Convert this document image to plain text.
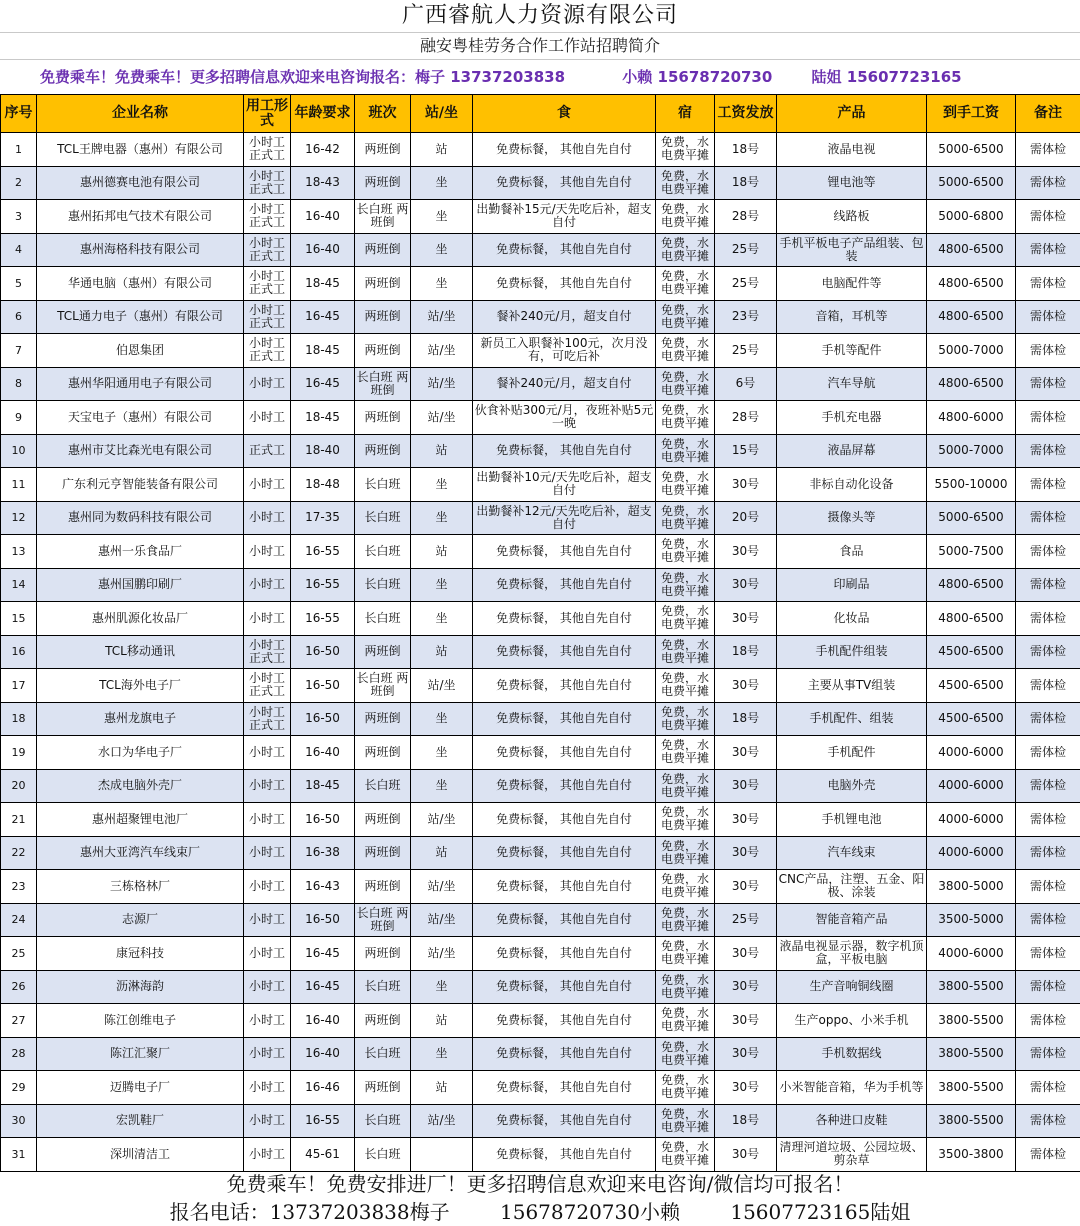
广西睿航人力资源有限公司
融安粤桂劳务合作工作站招聘简介
免费乘车！免费乘车！更多招聘信息欢迎来电咨询报名：梅子 13737203838	小赖 15678720730	陆姐 15607723165
序号	企业名称	用工形式	年龄要求	班次	站/坐	食	宿	工资发放	产品	到手工资	备注
1	TCL王牌电器（惠州）有限公司	小时工 正式工	16-42	两班倒	站	免费标餐， 其他自先自付	免费，水电费平摊	18号	液晶电视	5000-6500	需体检
2	惠州德赛电池有限公司	小时工 正式工	18-43	两班倒	坐	免费标餐， 其他自先自付	免费，水电费平摊	18号	锂电池等	5000-6500	需体检
3	惠州拓邦电气技术有限公司	小时工 正式工	16-40	长白班 两班倒	坐	出勤餐补15元/天先吃后补，超支自付	免费，水电费平摊	28号	线路板	5000-6800	需体检
4	惠州海格科技有限公司	小时工 正式工	16-40	两班倒	坐	免费标餐， 其他自先自付	免费，水电费平摊	25号	手机平板电子产品组装、包装	4800-6500	需体检
5	华通电脑（惠州）有限公司	小时工 正式工	18-45	两班倒	坐	免费标餐， 其他自先自付	免费，水电费平摊	25号	电脑配件等	4800-6500	需体检
6	TCL通力电子（惠州）有限公司	小时工 正式工	16-45	两班倒	站/坐	餐补240元/月，超支自付	免费，水电费平摊	23号	音箱，耳机等	4800-6500	需体检
7	伯恩集团	小时工 正式工	18-45	两班倒	站/坐	新员工入职餐补100元，次月没有，可吃后补	免费，水电费平摊	25号	手机等配件	5000-7000	需体检
8	惠州华阳通用电子有限公司	小时工	16-45	长白班 两班倒	站/坐	餐补240元/月，超支自付	免费，水电费平摊	6号	汽车导航	4800-6500	需体检
9	天宝电子（惠州）有限公司	小时工	18-45	两班倒	站/坐	伙食补贴300元/月，夜班补贴5元一晚	免费，水电费平摊	28号	手机充电器	4800-6000	需体检
10	惠州市艾比森光电有限公司	正式工	18-40	两班倒	站	免费标餐， 其他自先自付	免费，水电费平摊	15号	液晶屏幕	5000-7000	需体检
11	广东利元亨智能装备有限公司	小时工	18-48	长白班	坐	出勤餐补10元/天先吃后补，超支自付	免费，水电费平摊	30号	非标自动化设备	5500-10000	需体检
12	惠州同为数码科技有限公司	小时工	17-35	长白班	坐	出勤餐补12元/天先吃后补，超支自付	免费，水电费平摊	20号	摄像头等	5000-6500	需体检
13	惠州一乐食品厂	小时工	16-55	长白班	站	免费标餐， 其他自先自付	免费，水电费平摊	30号	食品	5000-7500	需体检
14	惠州国鹏印刷厂	小时工	16-55	长白班	坐	免费标餐， 其他自先自付	免费，水电费平摊	30号	印刷品	4800-6500	需体检
15	惠州肌源化妆品厂	小时工	16-55	长白班	坐	免费标餐， 其他自先自付	免费，水电费平摊	30号	化妆品	4800-6500	需体检
16	TCL移动通讯	小时工 正式工	16-50	两班倒	站	免费标餐， 其他自先自付	免费，水电费平摊	18号	手机配件组装	4500-6500	需体检
17	TCL海外电子厂	小时工 正式工	16-50	长白班 两班倒	站/坐	免费标餐， 其他自先自付	免费，水电费平摊	30号	主要从事TV组装	4500-6500	需体检
18	惠州龙旗电子	小时工 正式工	16-50	两班倒	坐	免费标餐， 其他自先自付	免费，水电费平摊	18号	手机配件、组装	4500-6500	需体检
19	水口为华电子厂	小时工	16-40	两班倒	坐	免费标餐， 其他自先自付	免费，水电费平摊	30号	手机配件	4000-6000	需体检
20	杰成电脑外壳厂	小时工	18-45	长白班	坐	免费标餐， 其他自先自付	免费，水电费平摊	30号	电脑外壳	4000-6000	需体检
21	惠州超聚锂电池厂	小时工	16-50	两班倒	站/坐	免费标餐， 其他自先自付	免费，水电费平摊	30号	手机锂电池	4000-6000	需体检
22	惠州大亚湾汽车线束厂	小时工	16-38	两班倒	站	免费标餐， 其他自先自付	免费，水电费平摊	30号	汽车线束	4000-6000	需体检
23	三栋格林厂	小时工	16-43	两班倒	站/坐	免费标餐， 其他自先自付	免费，水电费平摊	30号	CNC产品，注塑、五金、阳极、涂装	3800-5000	需体检
24	志源厂	小时工	16-50	长白班 两班倒	站/坐	免费标餐， 其他自先自付	免费，水电费平摊	25号	智能音箱产品	3500-5000	需体检
25	康冠科技	小时工	16-45	两班倒	站/坐	免费标餐， 其他自先自付	免费，水电费平摊	30号	液晶电视显示器，数字机顶盒，平板电脑	4000-6000	需体检
26	沥淋海韵	小时工	16-45	长白班	坐	免费标餐， 其他自先自付	免费，水电费平摊	30号	生产音响铜线圈	3800-5500	需体检
27	陈江创维电子	小时工	16-40	两班倒	站	免费标餐， 其他自先自付	免费，水电费平摊	30号	生产oppo、小米手机	3800-5500	需体检
28	陈江汇聚厂	小时工	16-40	长白班	坐	免费标餐， 其他自先自付	免费，水电费平摊	30号	手机数据线	3800-5500	需体检
29	迈腾电子厂	小时工	16-46	两班倒	站	免费标餐， 其他自先自付	免费，水电费平摊	30号	小米智能音箱，华为手机等	3800-5500	需体检
30	宏凯鞋厂	小时工	16-55	长白班	站/坐	免费标餐， 其他自先自付	免费，水电费平摊	18号	各种进口皮鞋	3800-5500	需体检
31	深圳清洁工	小时工	45-61	长白班		免费标餐， 其他自先自付	免费，水电费平摊	30号	清理河道垃圾、公园垃圾、剪杂草	3500-3800	需体检
免费乘车！免费安排进厂！更多招聘信息欢迎来电咨询/微信均可报名！
报名电话：13737203838梅子	15678720730小赖	15607723165陆姐
